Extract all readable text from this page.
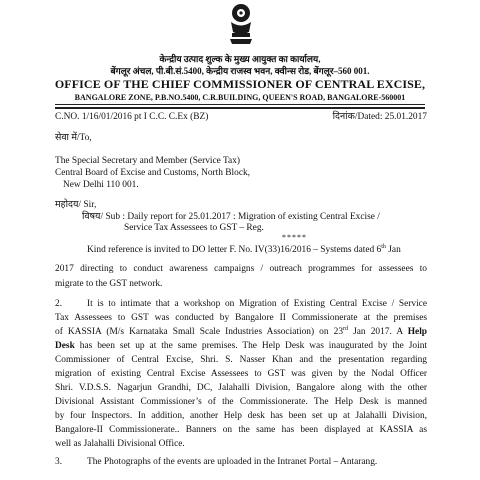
केन्द्रीय उत्पाद शुल्क के मुख्य आयुक्त का कार्यालय,
बेंगलूर अंचल, पी.बी.सं.5400, केन्द्रीय राजस्व भवन, क्वीन्स रोड, बेंगलूर–560 001.
OFFICE OF THE CHIEF COMMISSIONER OF CENTRAL EXCISE,
BANGALORE ZONE, P.B.NO.5400, C.R.BUILDING, QUEEN'S ROAD, BANGALORE-560001
C.NO. 1/16/01/2016 pt I C.C. C.Ex (BZ)	दिनांक/Dated: 25.01.2017
सेवा में/To,
The Special Secretary and Member (Service Tax)
Central Board of Excise and Customs, North Block,
New Delhi 110 001.
महोदय/ Sir,
विषय/ Sub : Daily report for 25.01.2017 : Migration of existing Central Excise /
Service Tax Assessees to GST – Reg.
*****
Kind reference is invited to DO letter F. No. IV(33)16/2016 – Systems dated 6th Jan
2017 directing to conduct awareness campaigns / outreach programmes for assessees to
migrate to the GST network.
2.	It is to intimate that a workshop on Migration of Existing Central Excise / Service
Tax Assessees to GST was conducted by Bangalore II Commissionerate at the premises
of KASSIA (M/s Karnataka Small Scale Industries Association) on 23rd Jan 2017. A Help
Desk has been set up at the same premises. The Help Desk was inaugurated by the Joint
Commissioner of Central Excise, Shri. S. Nasser Khan and the presentation regarding
migration of existing Central Excise Assessees to GST was given by the Nodal Officer
Shri. V.D.S.S. Nagarjun Grandhi, DC, Jalahalli Division, Bangalore along with the other
Divisional Assistant Commissioner’s of the Commissionerate. The Help Desk is manned
by four Inspectors. In addition, another Help desk has been set up at Jalahalli Division,
Bangalore-II Commissionerate.. Banners on the same has been displayed at KASSIA as
well as Jalahalli Divisional Office.
3.	The Photographs of the events are uploaded in the Intranet Portal – Antarang.
